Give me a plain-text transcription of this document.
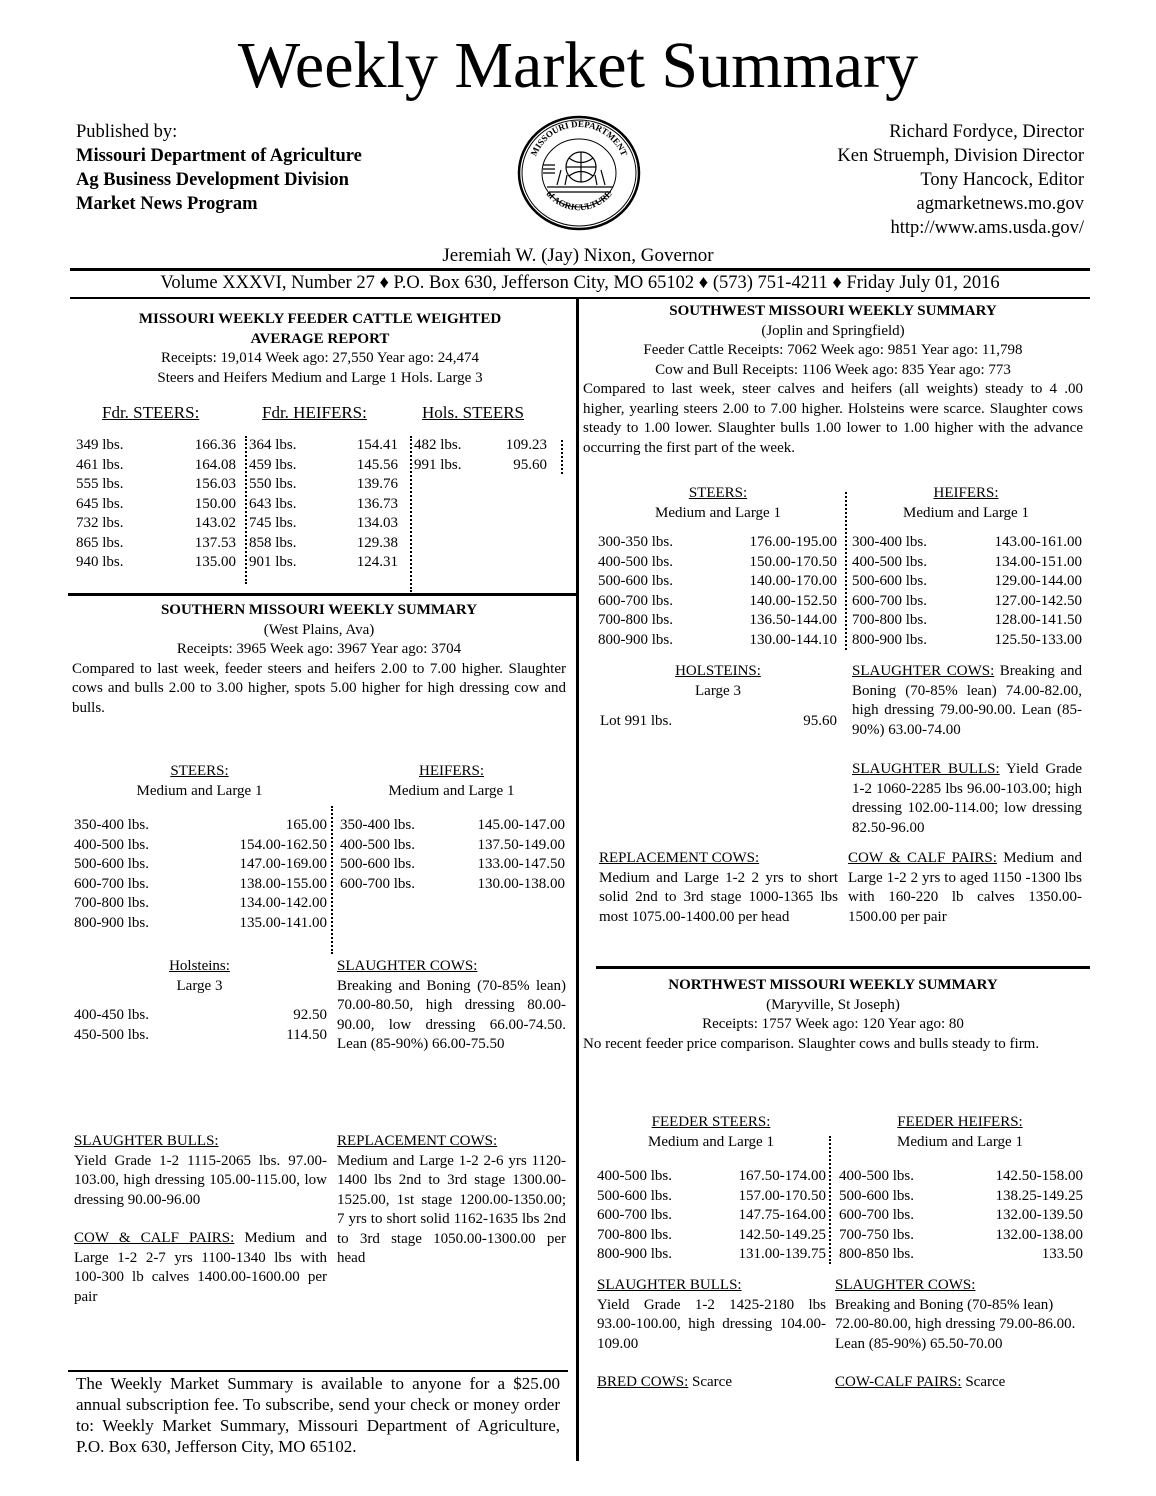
Weekly Market Summary
Published by:
Missouri Department of Agriculture
Ag Business Development Division
Market News Program
MISSOURI DEPARTMENT
of AGRICULTURE
Richard Fordyce, Director
Ken Struemph, Division Director
Tony Hancock, Editor
agmarketnews.mo.gov
http://www.ams.usda.gov/
Jeremiah W. (Jay) Nixon, Governor
Volume XXXVI, Number 27 ♦ P.O. Box 630, Jefferson City, MO 65102 ♦ (573) 751-4211 ♦ Friday July 01, 2016
MISSOURI WEEKLY FEEDER CATTLE WEIGHTED
AVERAGE REPORT
Receipts: 19,014 Week ago: 27,550 Year ago: 24,474
Steers and Heifers Medium and Large 1 Hols. Large 3
Fdr. STEERS:	Fdr. HEIFERS:	Hols. STEERS
349 lbs.	166.36
461 lbs.	164.08
555 lbs.	156.03
645 lbs.	150.00
732 lbs.	143.02
865 lbs.	137.53
940 lbs.	135.00
364 lbs.	154.41
459 lbs.	145.56
550 lbs.	139.76
643 lbs.	136.73
745 lbs.	134.03
858 lbs.	129.38
901 lbs.	124.31
482 lbs.	109.23
991 lbs.	95.60
SOUTHERN MISSOURI WEEKLY SUMMARY
(West Plains, Ava)
Receipts: 3965 Week ago: 3967 Year ago: 3704
Compared to last week, feeder steers and heifers 2.00 to 7.00 higher. Slaughter cows and bulls 2.00 to 3.00 higher, spots 5.00 higher for high dressing cow and bulls.
STEERS:
Medium and Large 1
HEIFERS:
Medium and Large 1
350-400 lbs.	165.00
400-500 lbs.	154.00-162.50
500-600 lbs.	147.00-169.00
600-700 lbs.	138.00-155.00
700-800 lbs.	134.00-142.00
800-900 lbs.	135.00-141.00
350-400 lbs.	145.00-147.00
400-500 lbs.	137.50-149.00
500-600 lbs.	133.00-147.50
600-700 lbs.	130.00-138.00
Holsteins:
Large 3
400-450 lbs.	92.50
450-500 lbs.	114.50
SLAUGHTER COWS:
Breaking and Boning (70-85% lean) 70.00-80.50, high dressing 80.00-90.00, low dressing 66.00-74.50. Lean (85-90%) 66.00-75.50
SLAUGHTER BULLS:
Yield Grade 1-2 1115-2065 lbs. 97.00-103.00, high dressing 105.00-115.00, low dressing 90.00-96.00
REPLACEMENT COWS:
Medium and Large 1-2 2-6 yrs 1120-1400 lbs 2nd to 3rd stage 1300.00-1525.00, 1st stage 1200.00-1350.00; 7 yrs to short solid 1162-1635 lbs 2nd to 3rd stage 1050.00-1300.00 per head
COW & CALF PAIRS: Medium and Large 1-2 2-7 yrs 1100-1340 lbs with 100-300 lb calves 1400.00-1600.00 per pair
The Weekly Market Summary is available to anyone for a $25.00 annual subscription fee. To subscribe, send your check or money order to: Weekly Market Summary, Missouri Department of Agriculture, P.O. Box 630, Jefferson City, MO 65102.
SOUTHWEST MISSOURI WEEKLY SUMMARY
(Joplin and Springfield)
Feeder Cattle Receipts: 7062 Week ago: 9851 Year ago: 11,798
Cow and Bull Receipts: 1106 Week ago: 835 Year ago: 773
Compared to last week, steer calves and heifers (all weights) steady to 4 .00 higher, yearling steers 2.00 to 7.00 higher. Holsteins were scarce. Slaughter cows steady to 1.00 lower. Slaughter bulls 1.00 lower to 1.00 higher with the advance occurring the first part of the week.
STEERS:
Medium and Large 1
HEIFERS:
Medium and Large 1
300-350 lbs.	176.00-195.00
400-500 lbs.	150.00-170.50
500-600 lbs.	140.00-170.00
600-700 lbs.	140.00-152.50
700-800 lbs.	136.50-144.00
800-900 lbs.	130.00-144.10
300-400 lbs.	143.00-161.00
400-500 lbs.	134.00-151.00
500-600 lbs.	129.00-144.00
600-700 lbs.	127.00-142.50
700-800 lbs.	128.00-141.50
800-900 lbs.	125.50-133.00
HOLSTEINS:
Large 3
Lot 991 lbs.	95.60
SLAUGHTER COWS: Breaking and Boning (70-85% lean) 74.00-82.00, high dressing 79.00-90.00. Lean (85-90%) 63.00-74.00
SLAUGHTER BULLS: Yield Grade 1-2 1060-2285 lbs 96.00-103.00; high dressing 102.00-114.00; low dressing 82.50-96.00
REPLACEMENT COWS:
Medium and Large 1-2 2 yrs to short solid 2nd to 3rd stage 1000-1365 lbs most 1075.00-1400.00 per head
COW & CALF PAIRS: Medium and Large 1-2 2 yrs to aged 1150 -1300 lbs with 160-220 lb calves 1350.00-1500.00 per pair
NORTHWEST MISSOURI WEEKLY SUMMARY
(Maryville, St Joseph)
Receipts: 1757 Week ago: 120 Year ago: 80
No recent feeder price comparison. Slaughter cows and bulls steady to firm.
FEEDER STEERS:
Medium and Large 1
FEEDER HEIFERS:
Medium and Large 1
400-500 lbs.	167.50-174.00
500-600 lbs.	157.00-170.50
600-700 lbs.	147.75-164.00
700-800 lbs.	142.50-149.25
800-900 lbs.	131.00-139.75
400-500 lbs.	142.50-158.00
500-600 lbs.	138.25-149.25
600-700 lbs.	132.00-139.50
700-750 lbs.	132.00-138.00
800-850 lbs.	133.50
SLAUGHTER BULLS:
Yield Grade 1-2 1425-2180 lbs 93.00-100.00, high dressing 104.00-109.00
SLAUGHTER COWS:
Breaking and Boning (70-85% lean) 72.00-80.00, high dressing 79.00-86.00. Lean (85-90%) 65.50-70.00
BRED COWS: Scarce	COW-CALF PAIRS: Scarce
